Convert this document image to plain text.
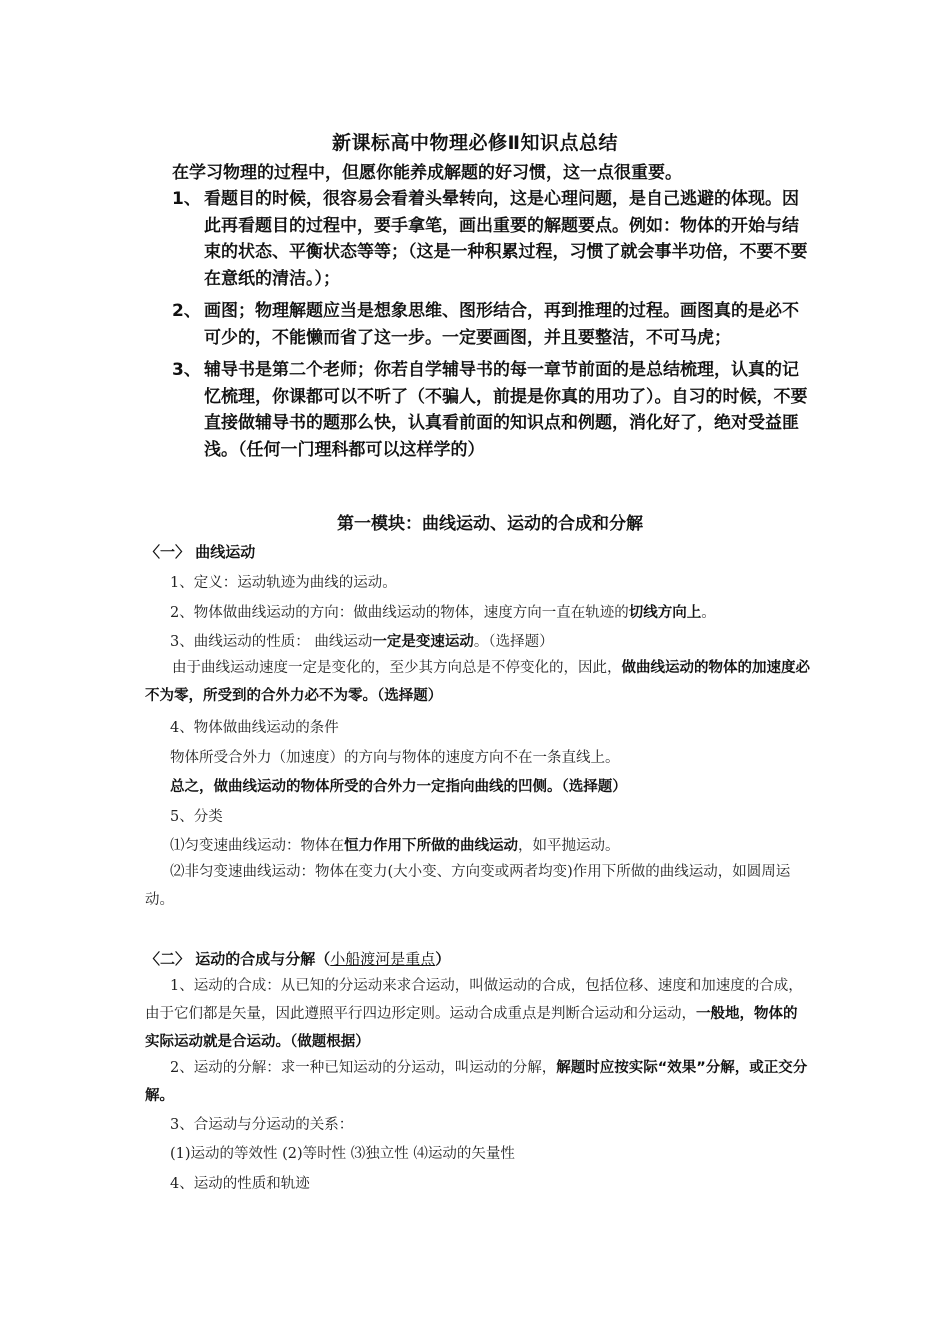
新课标高中物理必修Ⅱ知识点总结
在学习物理的过程中，但愿你能养成解题的好习惯，这一点很重要。
1、 看题目的时候，很容易会看着头晕转向，这是心理问题，是自己逃避的体现。因此再看题目的过程中，要手拿笔，画出重要的解题要点。例如：物体的开始与结束的状态、平衡状态等等；（这是一种积累过程，习惯了就会事半功倍，不要不要在意纸的清洁。）；
2、 画图；物理解题应当是想象思维、图形结合，再到推理的过程。画图真的是必不可少的，不能懒而省了这一步。一定要画图，并且要整洁，不可马虎；
3、 辅导书是第二个老师；你若自学辅导书的每一章节前面的是总结梳理，认真的记忆梳理，你课都可以不听了（不骗人，前提是你真的用功了）。自习的时候，不要直接做辅导书的题那么快，认真看前面的知识点和例题，消化好了，绝对受益匪浅。（任何一门理科都可以这样学的）
第一模块：曲线运动、运动的合成和分解
〈一〉 曲线运动
1、定义：运动轨迹为曲线的运动。
2、物体做曲线运动的方向：做曲线运动的物体，速度方向一直在轨迹的切线方向上。
3、曲线运动的性质： 曲线运动一定是变速运动。（选择题）
由于曲线运动速度一定是变化的，至少其方向总是不停变化的，因此，做曲线运动的物体的加速度必不为零，所受到的合外力必不为零。（选择题）
4、物体做曲线运动的条件
物体所受合外力（加速度）的方向与物体的速度方向不在一条直线上。
总之，做曲线运动的物体所受的合外力一定指向曲线的凹侧。（选择题）
5、分类
⑴匀变速曲线运动：物体在恒力作用下所做的曲线运动，如平抛运动。
⑵非匀变速曲线运动：物体在变力(大小变、方向变或两者均变)作用下所做的曲线运动，如圆周运动。
〈二〉 运动的合成与分解（小船渡河是重点）
1、运动的合成：从已知的分运动来求合运动，叫做运动的合成，包括位移、速度和加速度的合成，由于它们都是矢量，因此遵照平行四边形定则。运动合成重点是判断合运动和分运动，一般地，物体的实际运动就是合运动。（做题根据）
2、运动的分解：求一种已知运动的分运动，叫运动的分解，解题时应按实际“效果”分解，或正交分解。
3、合运动与分运动的关系：
(1)运动的等效性 (2)等时性 ⑶独立性 ⑷运动的矢量性
4、运动的性质和轨迹
